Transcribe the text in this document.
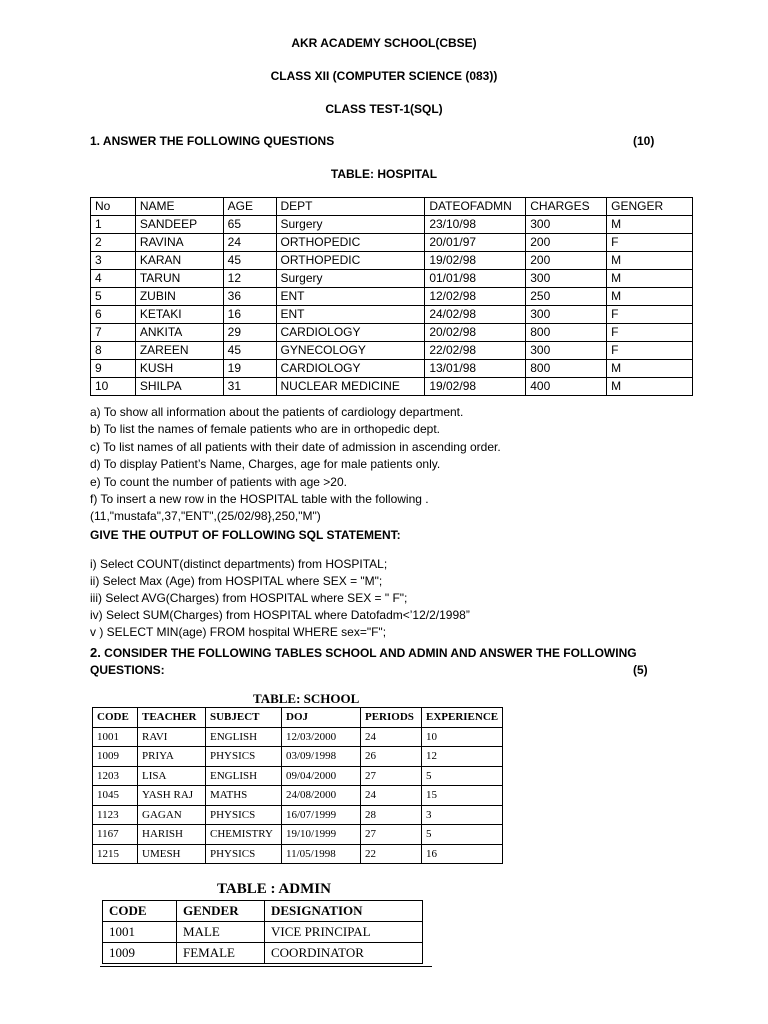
AKR ACADEMY SCHOOL(CBSE)
CLASS XII (COMPUTER SCIENCE (083))
CLASS TEST-1(SQL)
1. ANSWER THE FOLLOWING QUESTIONS	(10)
TABLE: HOSPITAL
No	NAME	AGE	DEPT	DATEOFADMN	CHARGES	GENGER
1	SANDEEP	65	Surgery	23/10/98	300	M
2	RAVINA	24	ORTHOPEDIC	20/01/97	200	F
3	KARAN	45	ORTHOPEDIC	19/02/98	200	M
4	TARUN	12	Surgery	01/01/98	300	M
5	ZUBIN	36	ENT	12/02/98	250	M
6	KETAKI	16	ENT	24/02/98	300	F
7	ANKITA	29	CARDIOLOGY	20/02/98	800	F
8	ZAREEN	45	GYNECOLOGY	22/02/98	300	F
9	KUSH	19	CARDIOLOGY	13/01/98	800	M
10	SHILPA	31	NUCLEAR MEDICINE	19/02/98	400	M
a) To show all information about the patients of cardiology department.
b) To list the names of female patients who are in orthopedic dept.
c) To list names of all patients with their date of admission in ascending order.
d) To display Patient’s Name, Charges, age for male patients only.
e) To count the number of patients with age >20.
f) To insert a new row in the HOSPITAL table with the following .
(11,"mustafa",37,"ENT",(25/02/98},250,"M")
GIVE THE OUTPUT OF FOLLOWING SQL STATEMENT:
i) Select COUNT(distinct departments) from HOSPITAL;
ii) Select Max (Age) from HOSPITAL where SEX = "M";
iii) Select AVG(Charges) from HOSPITAL where SEX = " F";
iv) Select SUM(Charges) from HOSPITAL where Datofadm<’12/2/1998”
v ) SELECT MIN(age) FROM hospital WHERE sex="F";
2. CONSIDER THE FOLLOWING TABLES SCHOOL AND ADMIN AND ANSWER THE FOLLOWING
QUESTIONS:	(5)
TABLE: SCHOOL
CODE	TEACHER	SUBJECT	DOJ	PERIODS	EXPERIENCE
1001	RAVI	ENGLISH	12/03/2000	24	10
1009	PRIYA	PHYSICS	03/09/1998	26	12
1203	LISA	ENGLISH	09/04/2000	27	5
1045	YASH RAJ	MATHS	24/08/2000	24	15
1123	GAGAN	PHYSICS	16/07/1999	28	3
1167	HARISH	CHEMISTRY	19/10/1999	27	5
1215	UMESH	PHYSICS	11/05/1998	22	16
TABLE : ADMIN
CODE	GENDER	DESIGNATION
1001	MALE	VICE PRINCIPAL
1009	FEMALE	COORDINATOR
